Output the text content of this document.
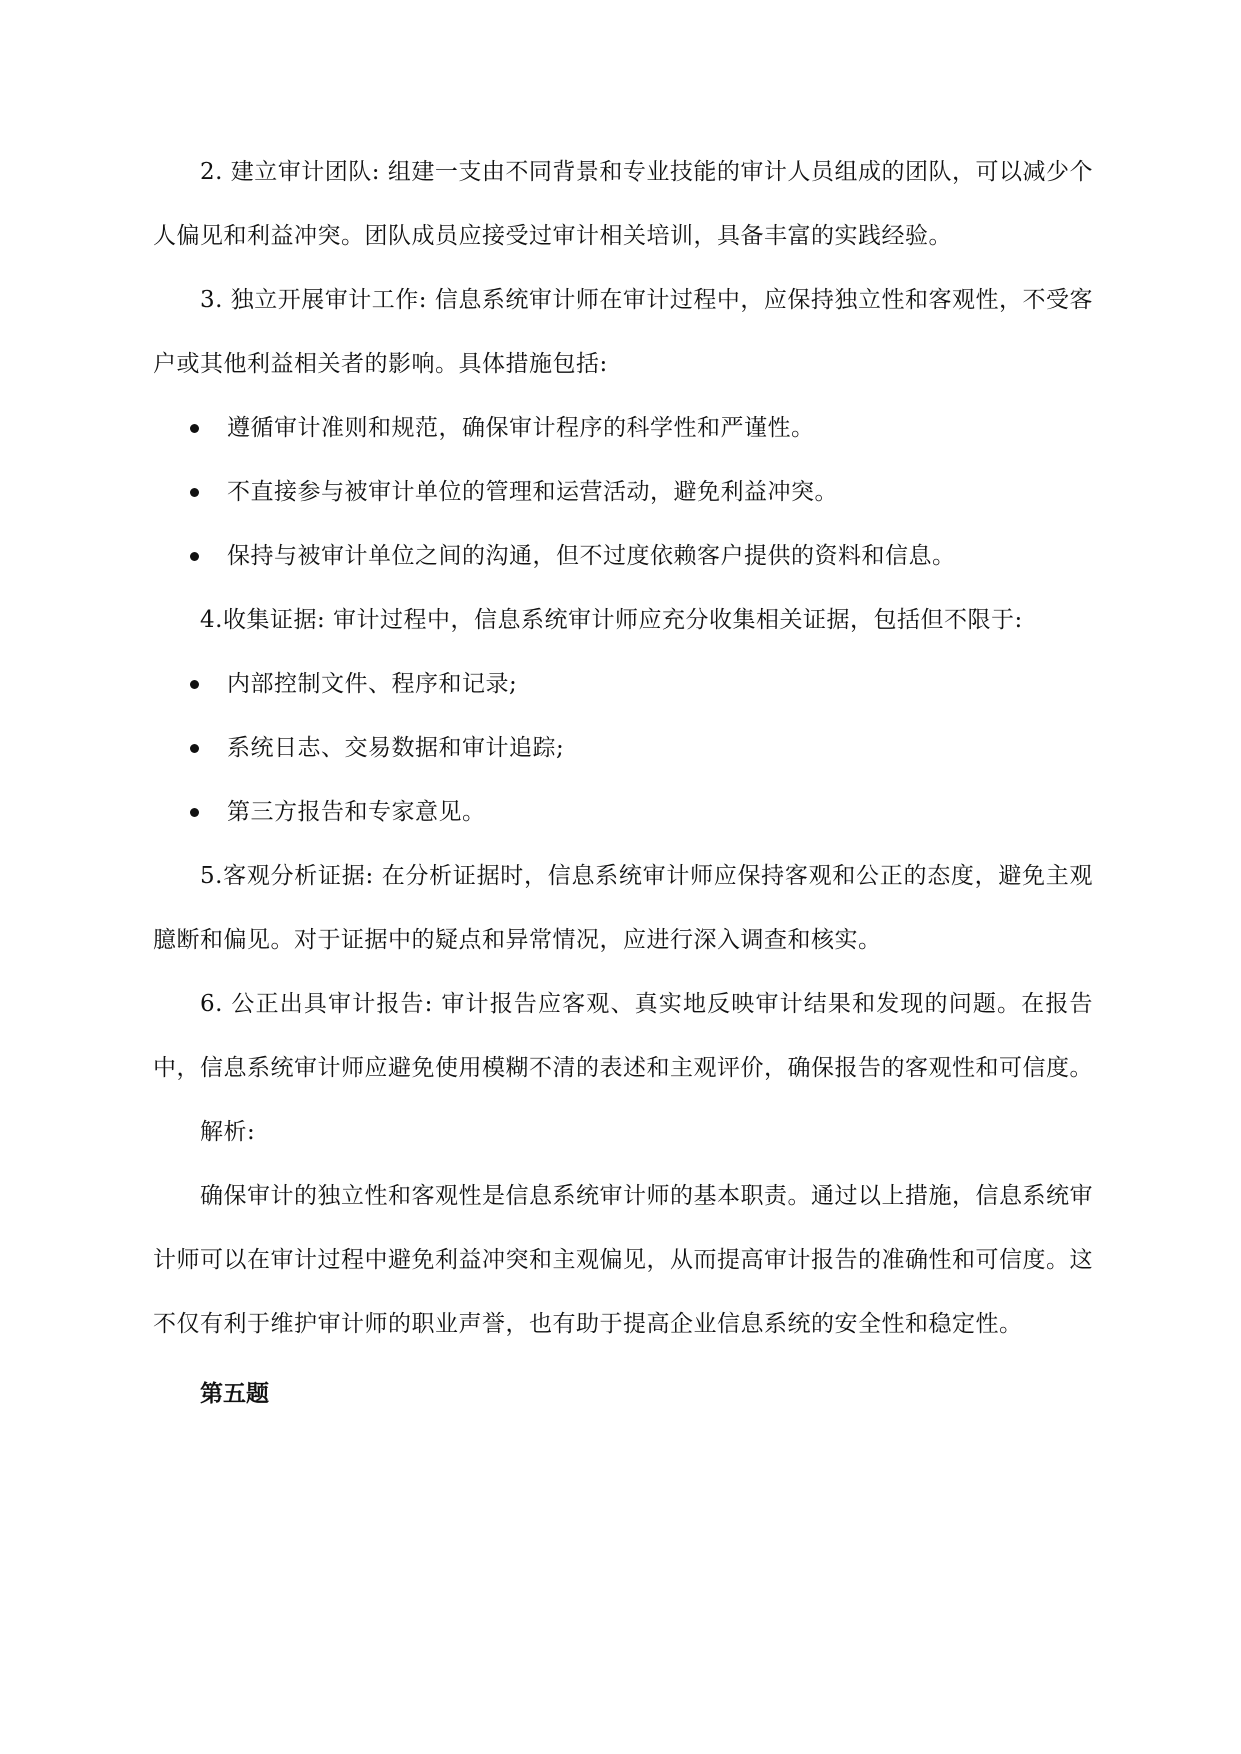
2. 建立审计团队: 组建一支由不同背景和专业技能的审计人员组成的团队，可以减少个人偏见和利益冲突。团队成员应接受过审计相关培训，具备丰富的实践经验。

3. 独立开展审计工作: 信息系统审计师在审计过程中，应保持独立性和客观性，不受客户或其他利益相关者的影响。具体措施包括:

遵循审计准则和规范，确保审计程序的科学性和严谨性。
不直接参与被审计单位的管理和运营活动，避免利益冲突。
保持与被审计单位之间的沟通，但不过度依赖客户提供的资料和信息。

4.收集证据: 审计过程中，信息系统审计师应充分收集相关证据，包括但不限于:

内部控制文件、程序和记录;
系统日志、交易数据和审计追踪;
第三方报告和专家意见。

5.客观分析证据: 在分析证据时，信息系统审计师应保持客观和公正的态度，避免主观臆断和偏见。对于证据中的疑点和异常情况，应进行深入调查和核实。

6. 公正出具审计报告: 审计报告应客观、真实地反映审计结果和发现的问题。在报告中，信息系统审计师应避免使用模糊不清的表述和主观评价，确保报告的客观性和可信度。

解析:

确保审计的独立性和客观性是信息系统审计师的基本职责。通过以上措施，信息系统审计师可以在审计过程中避免利益冲突和主观偏见，从而提高审计报告的准确性和可信度。这不仅有利于维护审计师的职业声誉，也有助于提高企业信息系统的安全性和稳定性。

第五题
